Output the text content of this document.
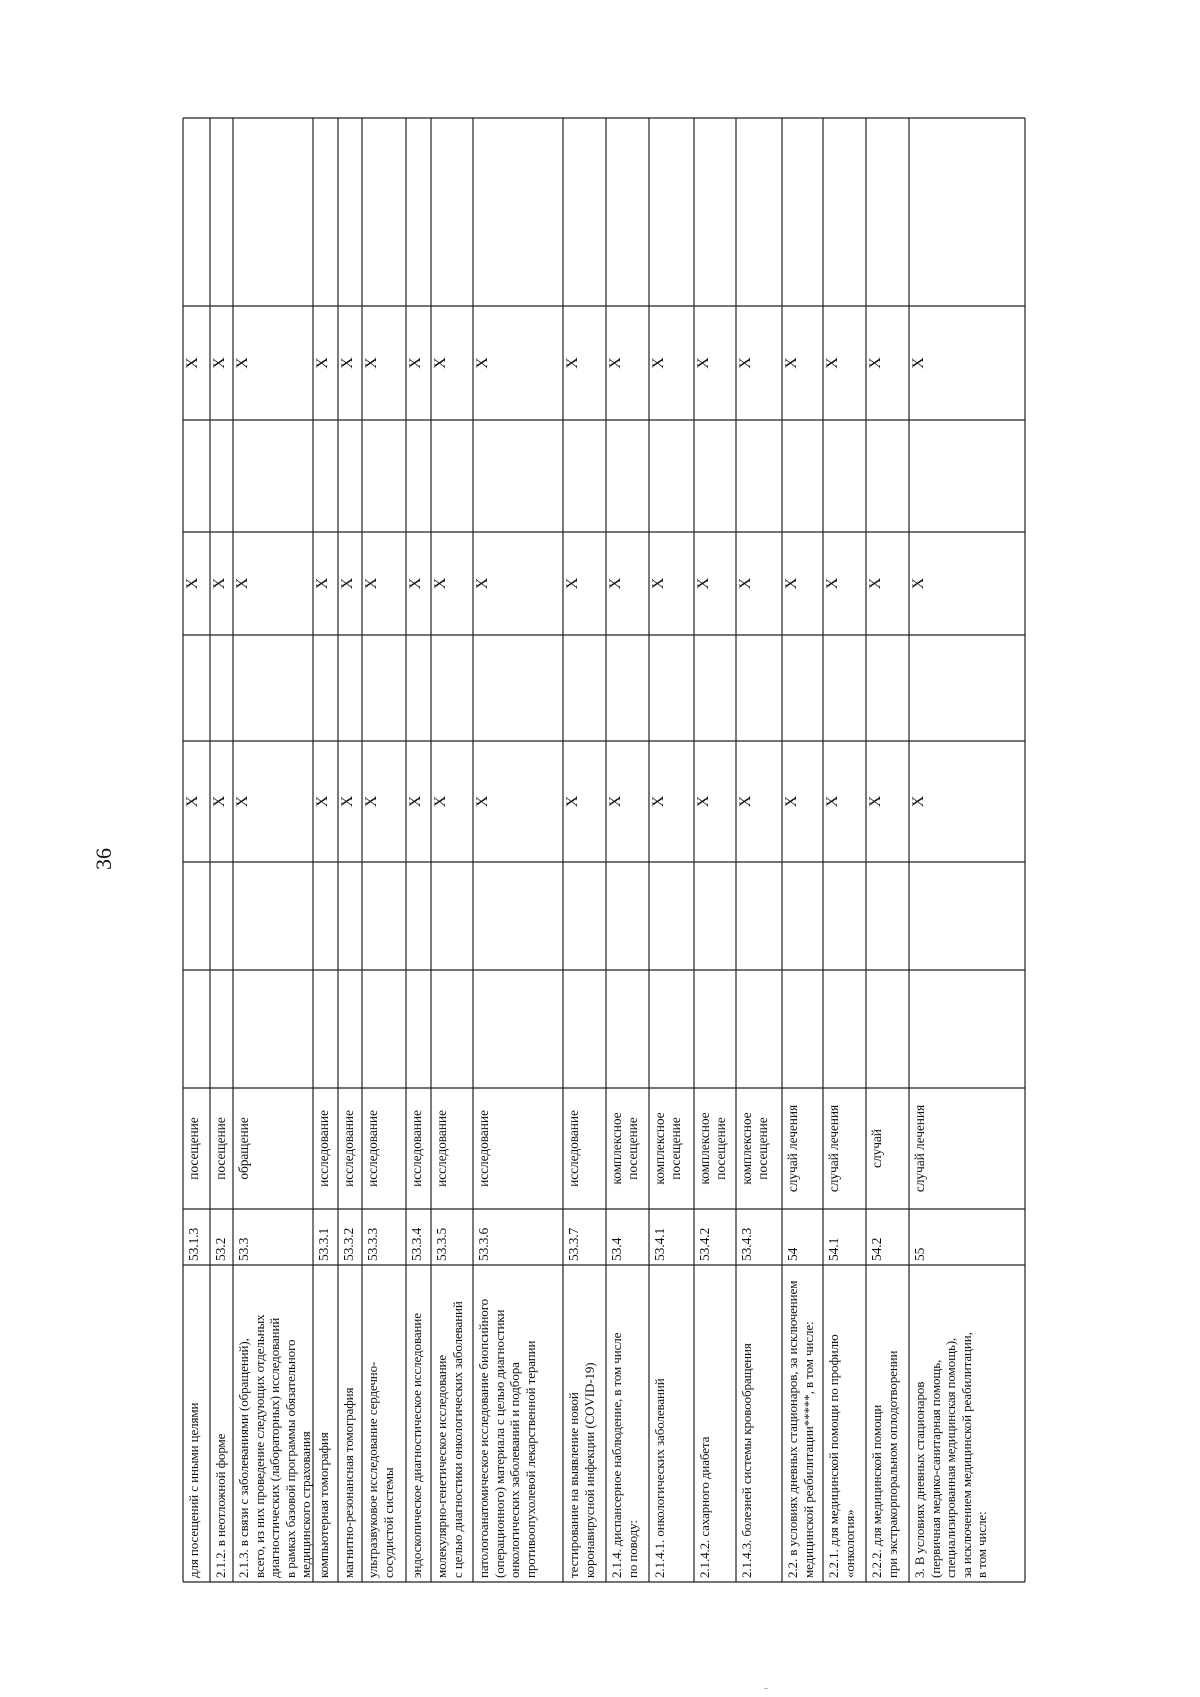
36
для посещений с иными целями
53.1.3
посещение
X
X
X
2.1.2. в неотложной форме
53.2
посещение
X
X
X
2.1.3. в связи с заболеваниями (обращений),
всего, из них проведение следующих отдельных
диагностических (лабораторных) исследований
в рамках базовой программы обязательного
медицинского страхования
53.3
обращение
X
X
X
компьютерная томография
53.3.1
исследование
X
X
X
магнитно-резонансная томография
53.3.2
исследование
X
X
X
ультразвуковое исследование сердечно-
сосудистой системы
53.3.3
исследование
X
X
X
эндоскопическое диагностическое исследование
53.3.4
исследование
X
X
X
молекулярно-генетическое исследование
с целью диагностики онкологических заболеваний
53.3.5
исследование
X
X
X
патологоанатомическое исследование биопсийного
(операционного) материала с целью диагностики
онкологических заболеваний и подбора
противоопухолевой лекарственной терапии
53.3.6
исследование
X
X
X
тестирование на выявление новой
коронавирусной инфекции (COVID-19)
53.3.7
исследование
X
X
X
2.1.4. диспансерное наблюдение, в том числе
по поводу:
53.4
комплексное
посещение
X
X
X
2.1.4.1. онкологических заболеваний
53.4.1
комплексное
посещение
X
X
X
2.1.4.2. сахарного диабета
53.4.2
комплексное
посещение
X
X
X
2.1.4.3. болезней системы кровообращения
53.4.3
комплексное
посещение
X
X
X
2.2. в условиях дневных стационаров, за исключением
медицинской реабилитации*****, в том числе:
54
случай лечения
X
X
X
2.2.1. для медицинской помощи по профилю
«онкология»
54.1
случай лечения
X
X
X
2.2.2. для медицинской помощи
при экстракорпоральном оплодотворении
54.2
случай
X
X
X
3. В условиях дневных стационаров
(первичная медико-санитарная помощь,
специализированная медицинская помощь),
за исключением медицинской реабилитации,
в том числе:
55
случай лечения
X
X
X
